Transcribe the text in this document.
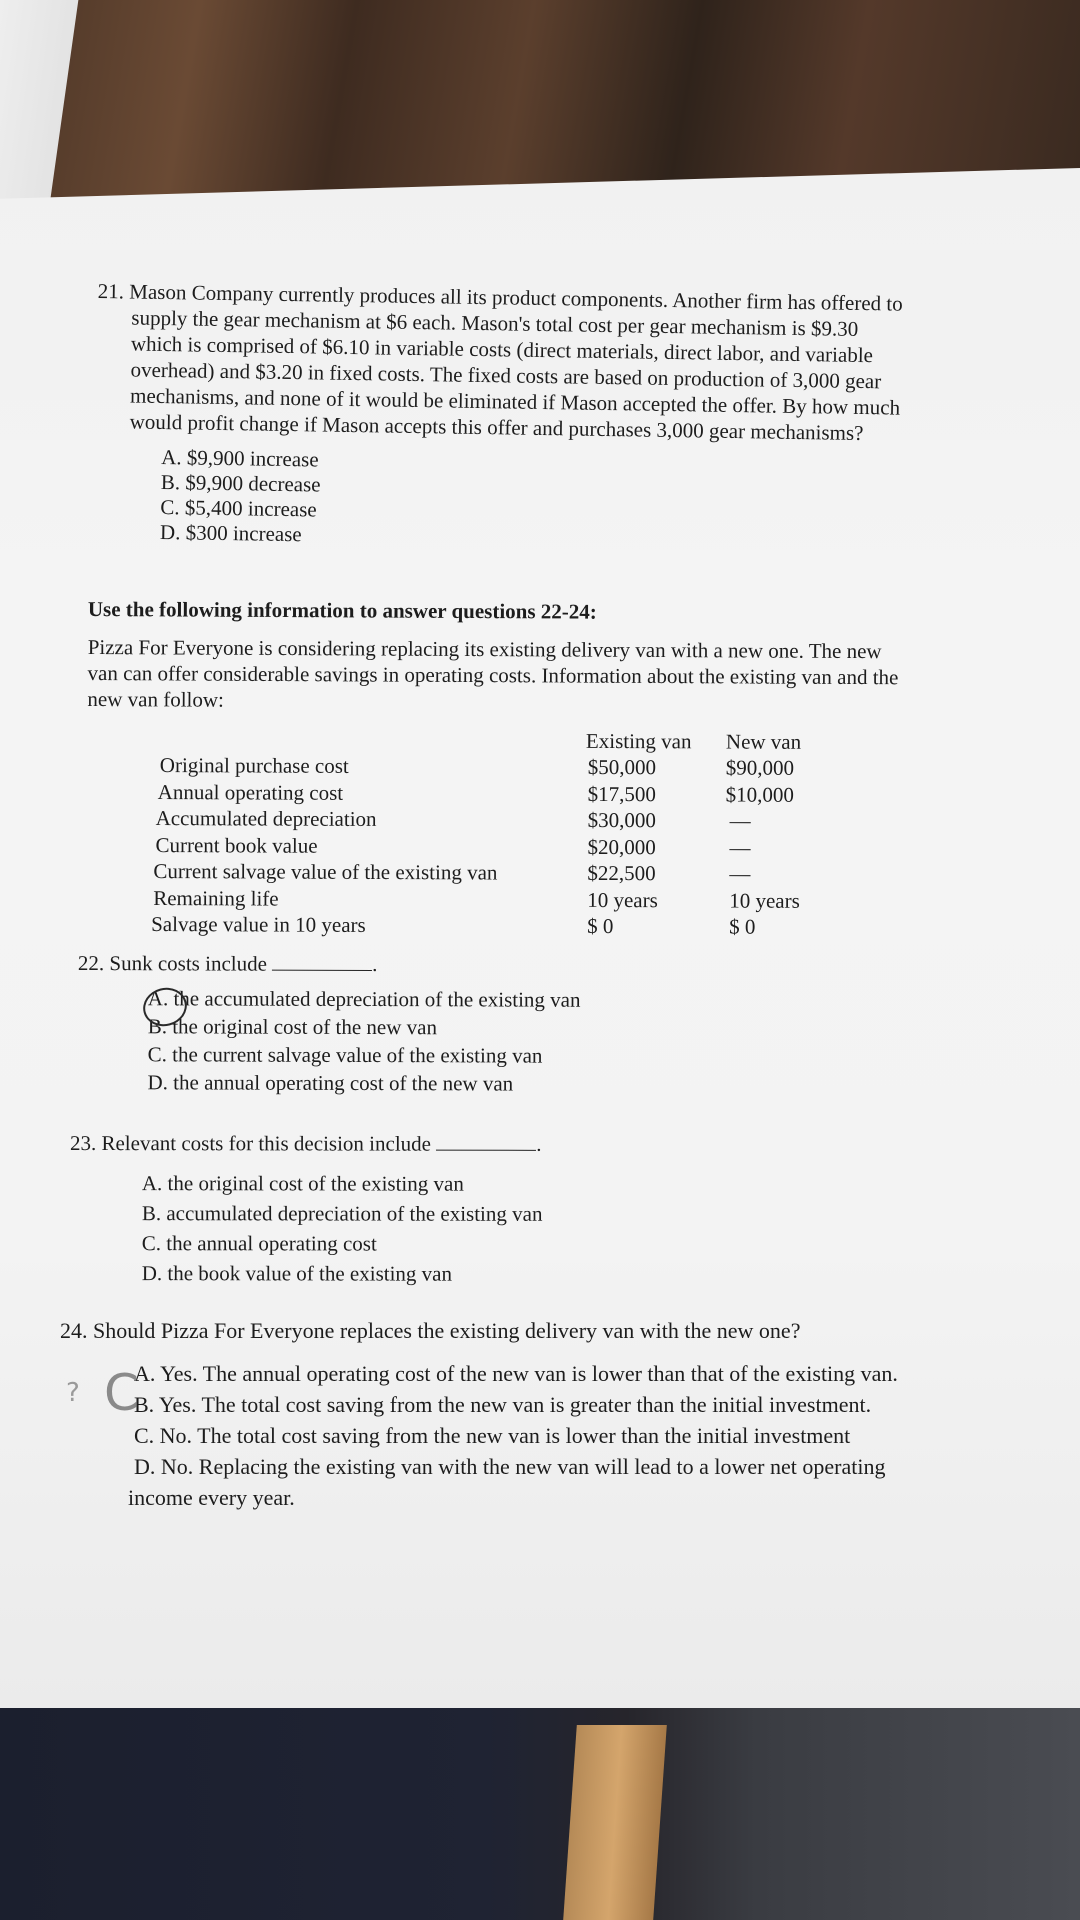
21. Mason Company currently produces all its product components. Another firm has offered to
supply the gear mechanism at $6 each. Mason's total cost per gear mechanism is $9.30
which is comprised of $6.10 in variable costs (direct materials, direct labor, and variable
overhead) and $3.20 in fixed costs. The fixed costs are based on production of 3,000 gear
mechanisms, and none of it would be eliminated if Mason accepted the offer. By how much
would profit change if Mason accepts this offer and purchases 3,000 gear mechanisms?
A. $9,900 increase
B. $9,900 decrease
C. $5,400 increase
D. $300 increase
Use the following information to answer questions 22-24:
Pizza For Everyone is considering replacing its existing delivery van with a new one. The new
van can offer considerable savings in operating costs. Information about the existing van and the
new van follow:
Existing van New van
Original purchase cost	$50,000	$90,000
Annual operating cost	$17,500	$10,000
Accumulated depreciation	$30,000	—
Current book value	$20,000	—
Current salvage value of the existing van	$22,500	—
Remaining life	10 years	10 years
Salvage value in 10 years	$ 0	$ 0
22. Sunk costs include	.
A. the accumulated depreciation of the existing van
B. the original cost of the new van
C. the current salvage value of the existing van
D. the annual operating cost of the new van
23. Relevant costs for this decision include	.
A. the original cost of the existing van
B. accumulated depreciation of the existing van
C. the annual operating cost
D. the book value of the existing van
24. Should Pizza For Everyone replaces the existing delivery van with the new one?
A. Yes. The annual operating cost of the new van is lower than that of the existing van.
B. Yes. The total cost saving from the new van is greater than the initial investment.
C. No. The total cost saving from the new van is lower than the initial investment
D. No. Replacing the existing van with the new van will lead to a lower net operating
income every year.
? C
